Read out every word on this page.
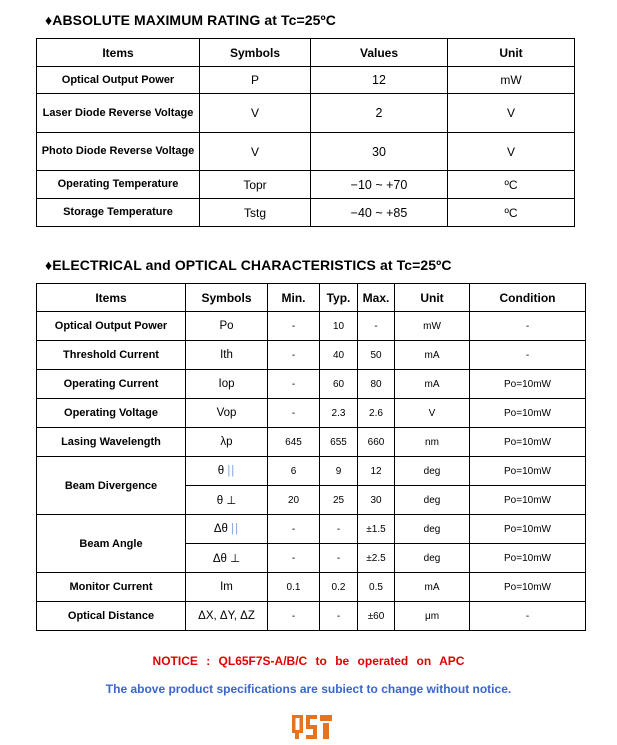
♦ABSOLUTE MAXIMUM RATING at Tc=25ºC
Items	Symbols	Values	Unit
Optical Output Power	P	12	mW
Laser Diode Reverse Voltage	V	2	V
Photo Diode Reverse Voltage	V	30	V
Operating Temperature	Topr	−10 ~ +70	ºC
Storage Temperature	Tstg	−40 ~ +85	ºC
♦ELECTRICAL and OPTICAL CHARACTERISTICS at Tc=25ºC
Items	Symbols	Min.	Typ.	Max.	Unit	Condition
Optical Output Power	Po	-	10	-	mW	-
Threshold Current	Ith	-	40	50	mA	-
Operating Current	Iop	-	60	80	mA	Po=10mW
Operating Voltage	Vop	-	2.3	2.6	V	Po=10mW
Lasing Wavelength	λp	645	655	660	nm	Po=10mW
Beam Divergence	θ ||	6	9	12	deg	Po=10mW
	θ ⊥	20	25	30	deg	Po=10mW
Beam Angle	Δθ ||	-	-	±1.5	deg	Po=10mW
	Δθ ⊥	-	-	±2.5	deg	Po=10mW
Monitor Current	Im	0.1	0.2	0.5	mA	Po=10mW
Optical Distance	ΔX, ΔY, ΔZ	-	-	±60	μm	-
NOTICE : QL65F7S-A/B/C to be operated on APC
The above product specifications are subiect to change without notice.
